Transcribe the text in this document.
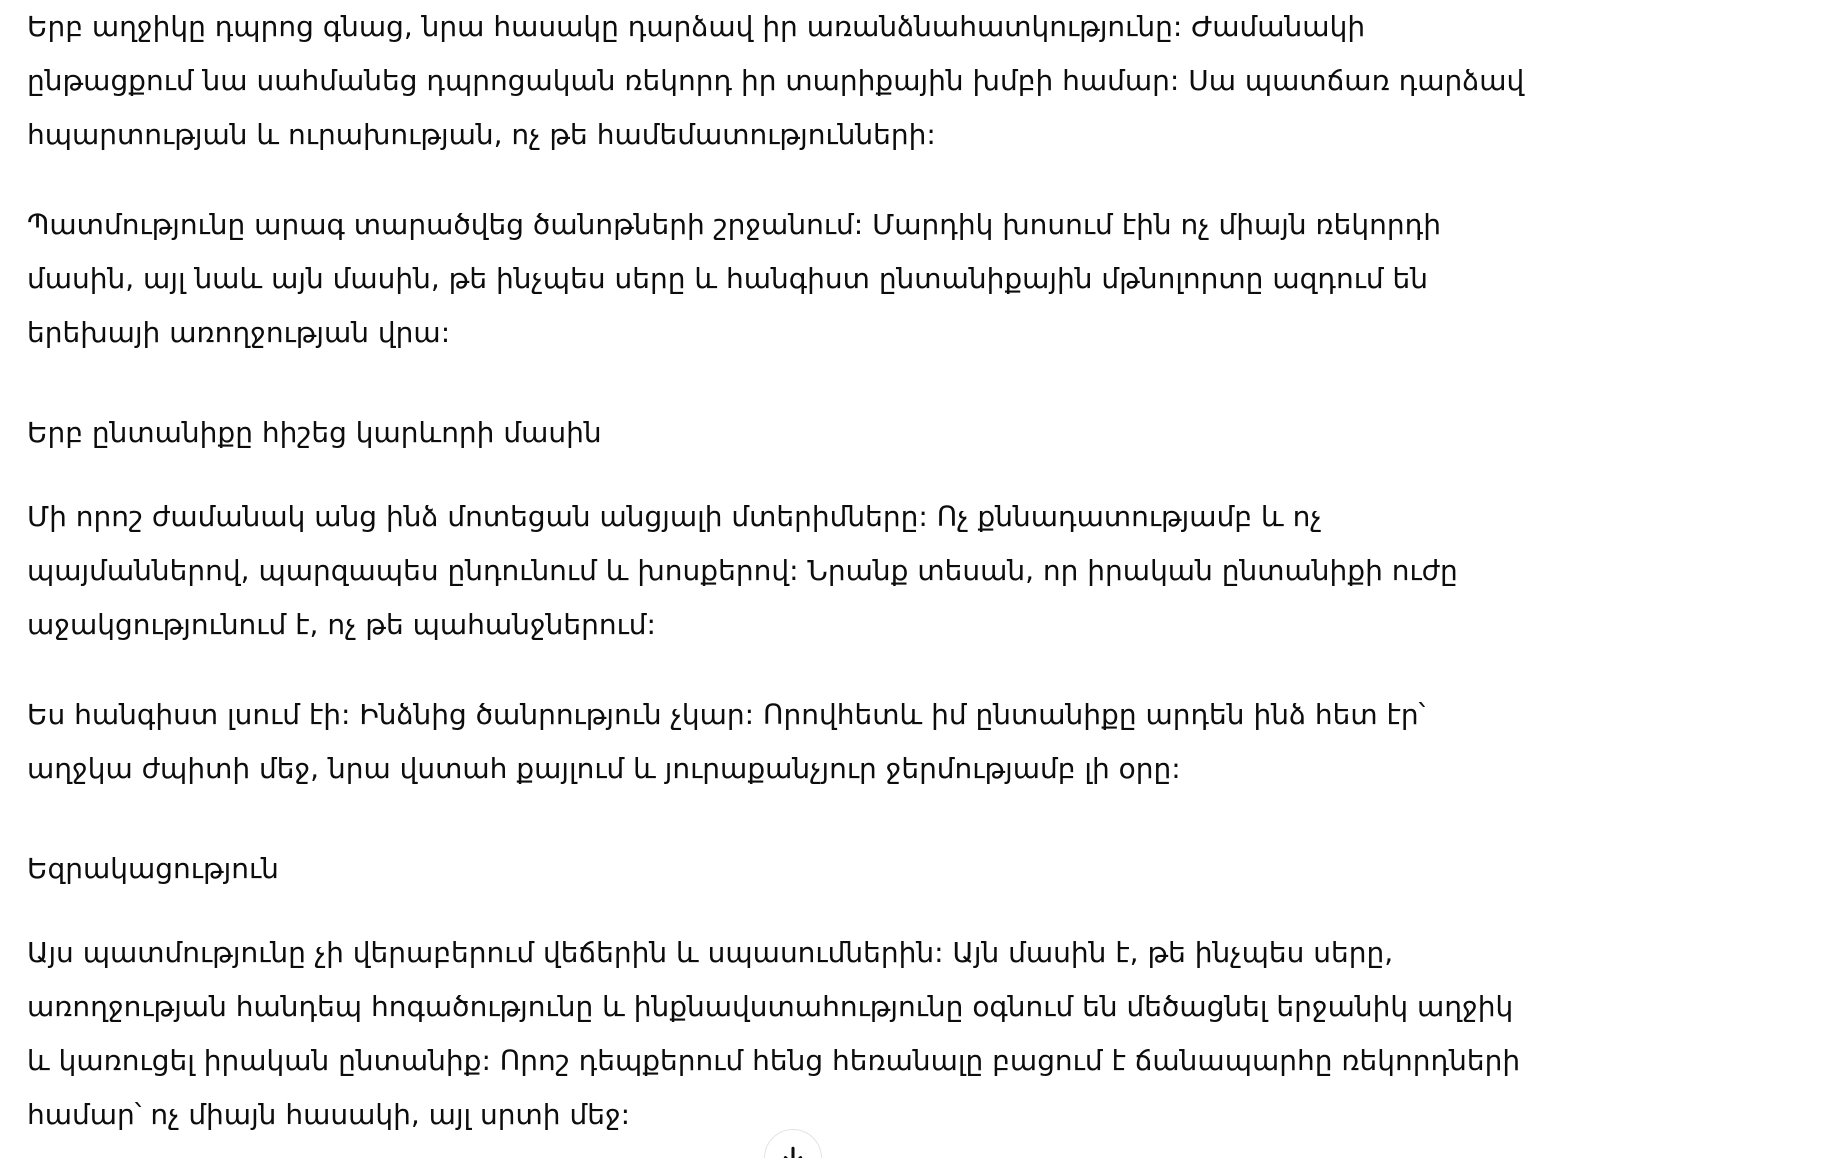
Երբ աղջիկը դպրոց գնաց, նրա հասակը դարձավ իր առանձնահատկությունը: Ժամանակի
ընթացքում նա սահմանեց դպրոցական ռեկորդ իր տարիքային խմբի համար: Սա պատճառ դարձավ
հպարտության և ուրախության, ոչ թե համեմատությունների:

Պատմությունը արագ տարածվեց ծանոթների շրջանում: Մարդիկ խոսում էին ոչ միայն ռեկորդի
մասին, այլ նաև այն մասին, թե ինչպես սերը և հանգիստ ընտանիքային մթնոլորտը ազդում են
երեխայի առողջության վրա:

Երբ ընտանիքը հիշեց կարևորի մասին

Մի որոշ ժամանակ անց ինձ մոտեցան անցյալի մտերիմները: Ոչ քննադատությամբ և ոչ
պայմաններով, պարզապես ընդունում և խոսքերով: Նրանք տեսան, որ իրական ընտանիքի ուժը
աջակցությունում է, ոչ թե պահանջներում:

Ես հանգիստ լսում էի: Ինձնից ծանրություն չկար: Որովհետև իմ ընտանիքը արդեն ինձ հետ էր՝
աղջկա ժպիտի մեջ, նրա վստահ քայլում և յուրաքանչյուր ջերմությամբ լի օրը:

Եզրակացություն

Այս պատմությունը չի վերաբերում վեճերին և սպասումներին: Այն մասին է, թե ինչպես սերը,
առողջության հանդեպ հոգածությունը և ինքնավստահությունը օգնում են մեծացնել երջանիկ աղջիկ
և կառուցել իրական ընտանիք: Որոշ դեպքերում հենց հեռանալը բացում է ճանապարհը ռեկորդների
համար՝ ոչ միայն հասակի, այլ սրտի մեջ:
